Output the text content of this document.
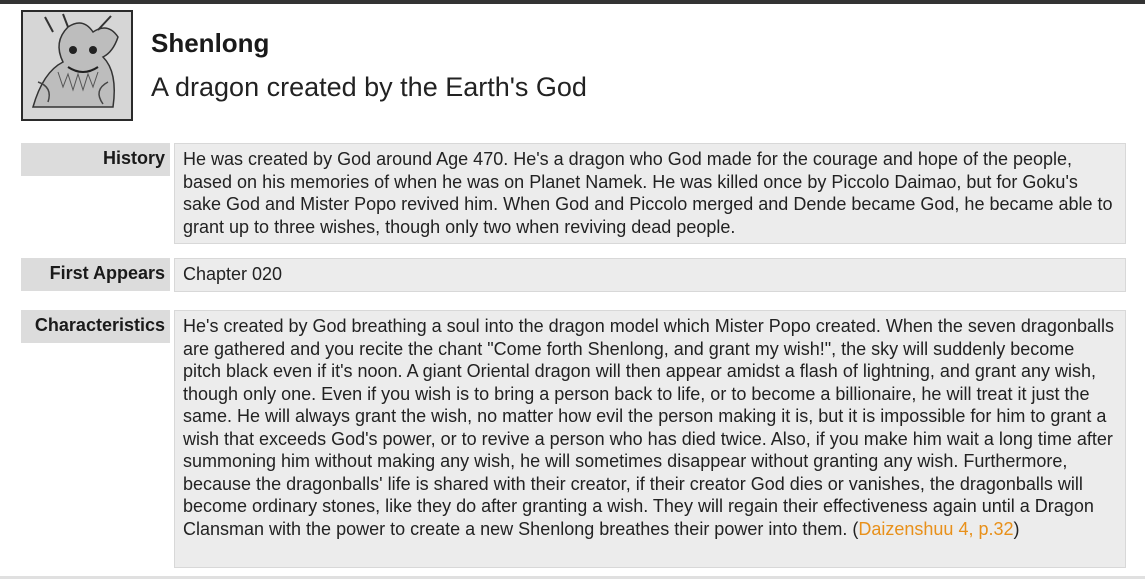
Shenlong
A dragon created by the Earth's God
History	He was created by God around Age 470. He's a dragon who God made for the courage and hope of the people, based on his memories of when he was on Planet Namek. He was killed once by Piccolo Daimao, but for Goku's sake God and Mister Popo revived him. When God and Piccolo merged and Dende became God, he became able to grant up to three wishes, though only two when reviving dead people.
First Appears	Chapter 020
Characteristics	He's created by God breathing a soul into the dragon model which Mister Popo created. When the seven dragonballs are gathered and you recite the chant "Come forth Shenlong, and grant my wish!", the sky will suddenly become pitch black even if it's noon. A giant Oriental dragon will then appear amidst a flash of lightning, and grant any wish, though only one. Even if you wish is to bring a person back to life, or to become a billionaire, he will treat it just the same. He will always grant the wish, no matter how evil the person making it is, but it is impossible for him to grant a wish that exceeds God's power, or to revive a person who has died twice. Also, if you make him wait a long time after summoning him without making any wish, he will sometimes disappear without granting any wish. Furthermore, because the dragonballs' life is shared with their creator, if their creator God dies or vanishes, the dragonballs will become ordinary stones, like they do after granting a wish. They will regain their effectiveness again until a Dragon Clansman with the power to create a new Shenlong breathes their power into them. (Daizenshuu 4, p.32)
